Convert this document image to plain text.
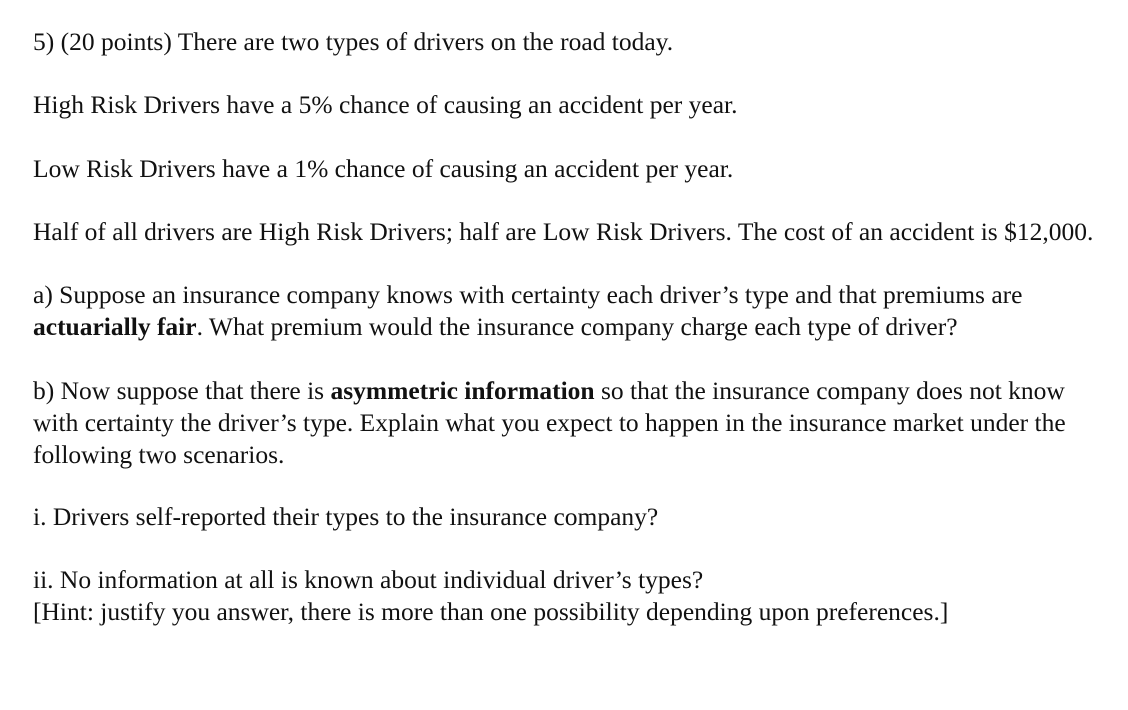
5) (20 points) There are two types of drivers on the road today.

High Risk Drivers have a 5% chance of causing an accident per year.

Low Risk Drivers have a 1% chance of causing an accident per year.

Half of all drivers are High Risk Drivers; half are Low Risk Drivers. The cost of an accident is $12,000.

a) Suppose an insurance company knows with certainty each driver’s type and that premiums are actuarially fair. What premium would the insurance company charge each type of driver?

b) Now suppose that there is asymmetric information so that the insurance company does not know with certainty the driver’s type. Explain what you expect to happen in the insurance market under the following two scenarios.

i. Drivers self-reported their types to the insurance company?

ii. No information at all is known about individual driver’s types?
[Hint: justify you answer, there is more than one possibility depending upon preferences.]
